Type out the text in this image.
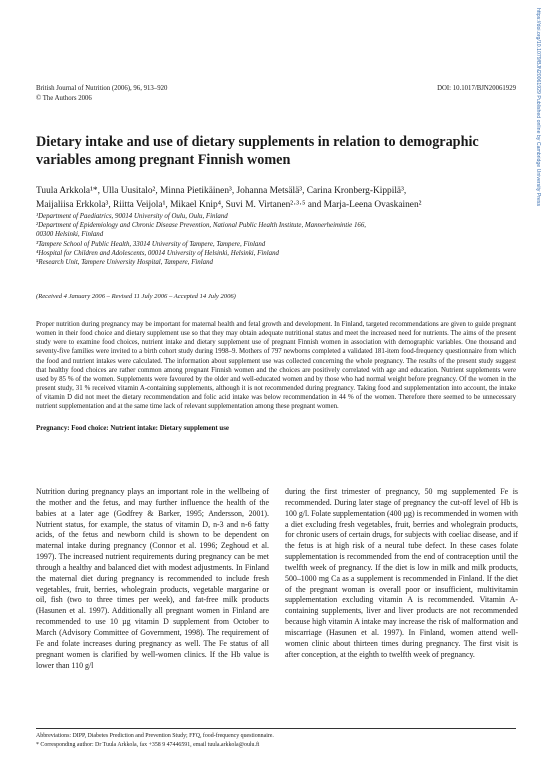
https://doi.org/10.1079/BJN20061929 Published online by Cambridge University Press
British Journal of Nutrition (2006), 96, 913–920	DOI: 10.1017/BJN20061929
© The Authors 2006
Dietary intake and use of dietary supplements in relation to demographic
variables among pregnant Finnish women
Tuula Arkkola¹*, Ulla Uusitalo², Minna Pietikäinen³, Johanna Metsälä³, Carina Kronberg-Kippilä³,
Maijaliisa Erkkola³, Riitta Veijola¹, Mikael Knip⁴, Suvi M. Virtanen²·³·⁵ and Marja-Leena Ovaskainen²
¹Department of Paediatrics, 90014 University of Oulu, Oulu, Finland
²Department of Epidemiology and Chronic Disease Prevention, National Public Health Institute, Mannerheimintie 166,
00300 Helsinki, Finland
³Tampere School of Public Health, 33014 University of Tampere, Tampere, Finland
⁴Hospital for Children and Adolescents, 00014 University of Helsinki, Helsinki, Finland
⁵Research Unit, Tampere University Hospital, Tampere, Finland
(Received 4 January 2006 – Revised 11 July 2006 – Accepted 14 July 2006)
Proper nutrition during pregnancy may be important for maternal health and fetal growth and development. In Finland, targeted recommendations are given to guide pregnant women in their food choice and dietary supplement use so that they may obtain adequate nutritional status and meet the increased need for nutrients. The aims of the present study were to examine food choices, nutrient intake and dietary supplement use of pregnant Finnish women in association with demographic variables. One thousand and seventy-five families were invited to a birth cohort study during 1998–9. Mothers of 797 newborns completed a validated 181-item food-frequency questionnaire from which the food and nutrient intakes were calculated. The information about supplement use was collected concerning the whole pregnancy. The results of the present study suggest that healthy food choices are rather common among pregnant Finnish women and the choices are positively correlated with age and education. Nutrient supplements were used by 85 % of the women. Supplements were favoured by the older and well-educated women and by those who had normal weight before pregnancy. Of the women in the present study, 31 % received vitamin A-containing supplements, although it is not recommended during pregnancy. Taking food and supplementation into account, the intake of vitamin D did not meet the dietary recommendation and folic acid intake was below recommendation in 44 % of the women. Therefore there seemed to be unnecessary nutrient supplementation and at the same time lack of relevant supplementation among these pregnant women.
Pregnancy: Food choice: Nutrient intake: Dietary supplement use
Nutrition during pregnancy plays an important role in the wellbeing of the mother and the fetus, and may further influence the health of the babies at a later age (Godfrey & Barker, 1995; Andersson, 2001). Nutrient status, for example, the status of vitamin D, n-3 and n-6 fatty acids, of the fetus and newborn child is shown to be dependent on maternal intake during pregnancy (Connor et al. 1996; Zeghoud et al. 1997). The increased nutrient requirements during pregnancy can be met through a healthy and balanced diet with modest adjustments. In Finland the maternal diet during pregnancy is recommended to include fresh vegetables, fruit, berries, wholegrain products, vegetable margarine or oil, fish (two to three times per week), and fat-free milk products (Hasunen et al. 1997). Additionally all pregnant women in Finland are recommended to use 10 µg vitamin D supplement from October to March (Advisory Committee of Government, 1998). The requirement of Fe and folate increases during pregnancy as well. The Fe status of all pregnant women is clarified by well-women clinics. If the Hb value is lower than 110 g/l
during the first trimester of pregnancy, 50 mg supplemented Fe is recommended. During later stage of pregnancy the cut-off level of Hb is 100 g/l. Folate supplementation (400 µg) is recommended in women with a diet excluding fresh vegetables, fruit, berries and wholegrain products, for chronic users of certain drugs, for subjects with coeliac disease, and if the fetus is at high risk of a neural tube defect. In these cases folate supplementation is recommended from the end of contraception until the twelfth week of pregnancy. If the diet is low in milk and milk products, 500–1000 mg Ca as a supplement is recommended in Finland. If the diet of the pregnant woman is overall poor or insufficient, multivitamin supplementation excluding vitamin A is recommended. Vitamin A-containing supplements, liver and liver products are not recommended because high vitamin A intake may increase the risk of malformation and miscarriage (Hasunen et al. 1997). In Finland, women attend well-women clinic about thirteen times during pregnancy. The first visit is after conception, at the eighth to twelfth week of pregnancy.
Abbreviations: DIPP, Diabetes Prediction and Prevention Study; FFQ, food-frequency questionnaire.
* Corresponding author: Dr Tuula Arkkola, fax +358 9 47446591, email tuula.arkkola@oulu.fi
